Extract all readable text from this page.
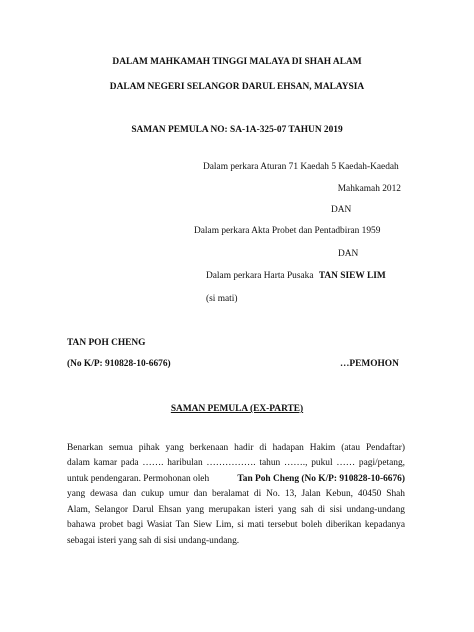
DALAM MAHKAMAH TINGGI MALAYA DI SHAH ALAM
DALAM NEGERI SELANGOR DARUL EHSAN, MALAYSIA
SAMAN PEMULA NO: SA-1A-325-07 TAHUN 2019
Dalam perkara Aturan 71 Kaedah 5 Kaedah-Kaedah
Mahkamah 2012
DAN
Dalam perkara Akta Probet dan Pentadbiran 1959
DAN
Dalam perkara Harta Pusaka TAN SIEW LIM
(si mati)
TAN POH CHENG
(No K/P: 910828-10-6676)	…PEMOHON
SAMAN PEMULA (EX-PARTE)
Benarkan semua pihak yang berkenaan hadir di hadapan Hakim (atau Pendaftar)
dalam kamar pada ……. haribulan ……………. tahun ……., pukul …… pagi/petang,
untuk pendengaran. Permohonan oleh	Tan Poh Cheng (No K/P: 910828-10-6676)
yang dewasa dan cukup umur dan beralamat di No. 13, Jalan Kebun, 40450 Shah
Alam, Selangor Darul Ehsan yang merupakan isteri yang sah di sisi undang-undang
bahawa probet bagi Wasiat Tan Siew Lim, si mati tersebut boleh diberikan kepadanya
sebagai isteri yang sah di sisi undang-undang.
